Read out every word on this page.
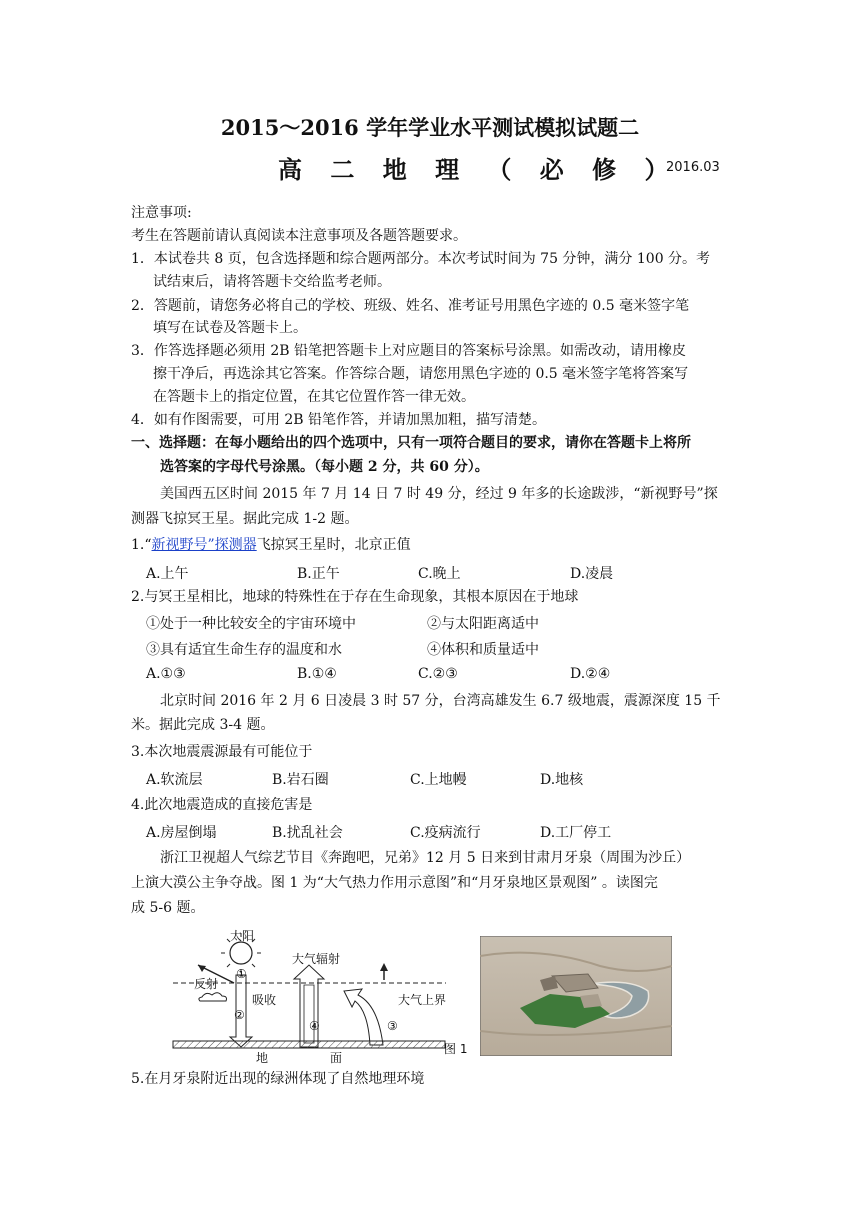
2015～2016 学年学业水平测试模拟试题二
高 二 地 理 （ 必 修 ）
2016.03
注意事项:
考生在答题前请认真阅读本注意事项及各题答题要求。
1．本试卷共 8 页，包含选择题和综合题两部分。本次考试时间为 75 分钟，满分 100 分。考
试结束后，请将答题卡交给监考老师。
2．答题前，请您务必将自己的学校、班级、姓名、准考证号用黑色字迹的 0.5 毫米签字笔
填写在试卷及答题卡上。
3．作答选择题必须用 2B 铅笔把答题卡上对应题目的答案标号涂黑。如需改动，请用橡皮
擦干净后，再选涂其它答案。作答综合题，请您用黑色字迹的 0.5 毫米签字笔将答案写
在答题卡上的指定位置，在其它位置作答一律无效。
4．如有作图需要，可用 2B 铅笔作答，并请加黑加粗，描写清楚。
一、选择题：在每小题给出的四个选项中，只有一项符合题目的要求，请你在答题卡上将所
选答案的字母代号涂黑。（每小题 2 分，共 60 分）。
美国西五区时间 2015 年 7 月 14 日 7 时 49 分，经过 9 年多的长途跋涉，“新视野号”探
测器飞掠冥王星。据此完成 1-2 题。
1.“新视野号”探测器飞掠冥王星时，北京正值
A.上午	B.正午	C.晚上	D.凌晨
2.与冥王星相比，地球的特殊性在于存在生命现象，其根本原因在于地球
①处于一种比较安全的宇宙环境中	②与太阳距离适中
③具有适宜生命生存的温度和水	④体积和质量适中
A.①③	B.①④	C.②③	D.②④
北京时间 2016 年 2 月 6 日凌晨 3 时 57 分，台湾高雄发生 6.7 级地震，震源深度 15 千
米。据此完成 3-4 题。
3.本次地震震源最有可能位于
A.软流层	B.岩石圈	C.上地幔	D.地核
4.此次地震造成的直接危害是
A.房屋倒塌	B.扰乱社会	C.疫病流行	D.工厂停工
浙江卫视超人气综艺节目《奔跑吧，兄弟》12 月 5 日来到甘肃月牙泉（周围为沙丘）
上演大漠公主争夺战。图 1 为“大气热力作用示意图”和“月牙泉地区景观图” 。读图完
成 5-6 题。
太阳
①
②
反射
吸收
大气辐射
④	③
大气上界
地	面
图 1
5.在月牙泉附近出现的绿洲体现了自然地理环境
